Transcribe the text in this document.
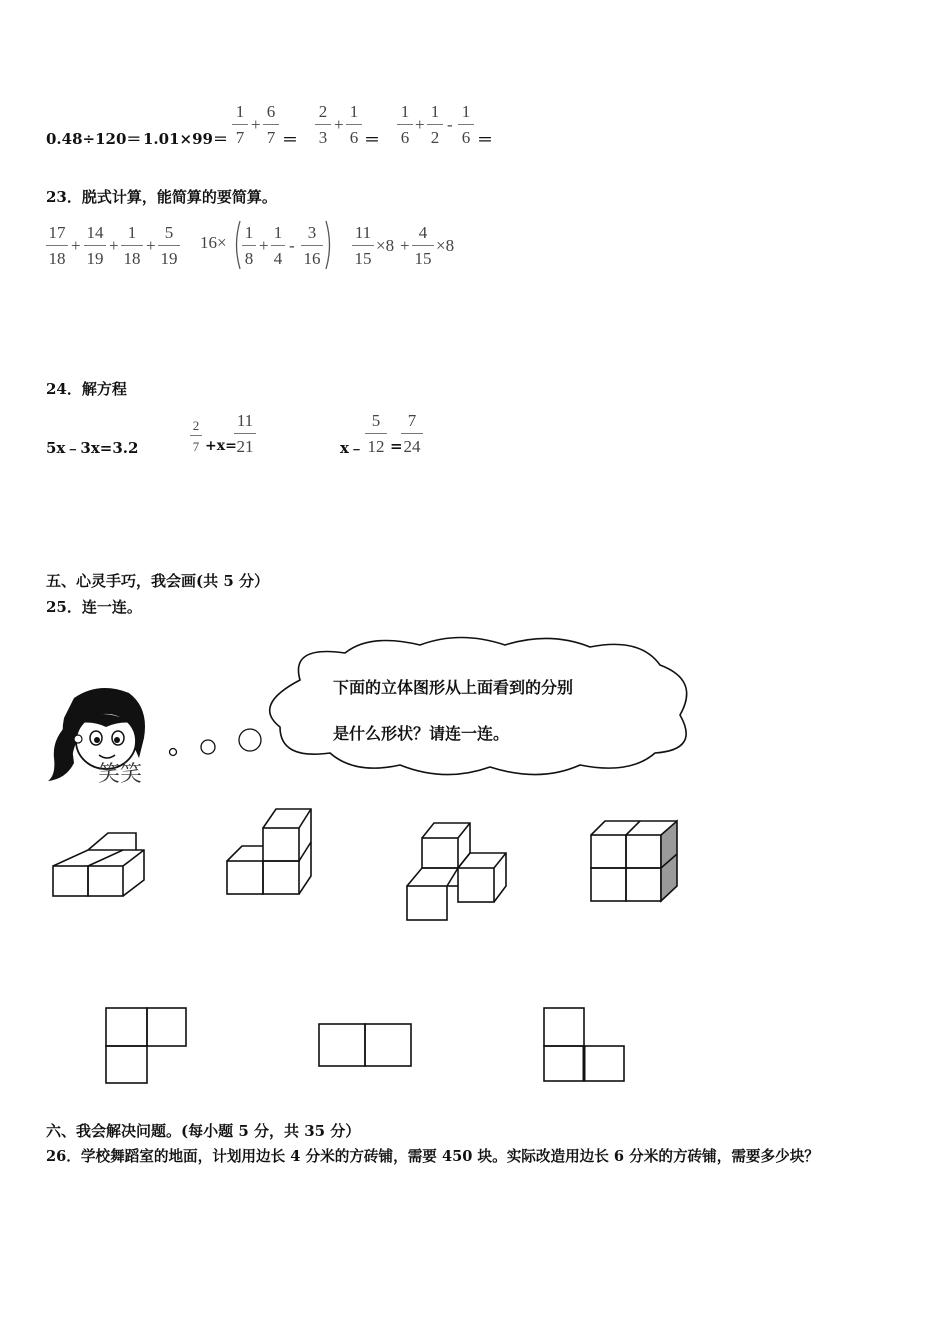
0.48÷120＝ 1.01×99＝
1
7
+
6
7 ＝
2
3
+
1
6 ＝
1
6
+
1
2
-
1
6 ＝
23．脱式计算，能简算的要简算。
17
18
+
14
19
+
1
18
+
5
19
16×
1
8
+
1
4
-
3
16
11
15
×8 +
4
15
×8
24．解方程
5x﹣3x=3.2
2
7 +x=
11
21	x﹣
5
12 =
7
24
五、心灵手巧，我会画(共 5 分）
25．连一连。
下面的立体图形从上面看到的分别
是什么形状？请连一连。
笑笑
六、我会解决问题。(每小题 5 分，共 35 分）
26．学校舞蹈室的地面，计划用边长 4 分米的方砖铺，需要 450 块。实际改造用边长 6 分米的方砖铺，需要多少块？
